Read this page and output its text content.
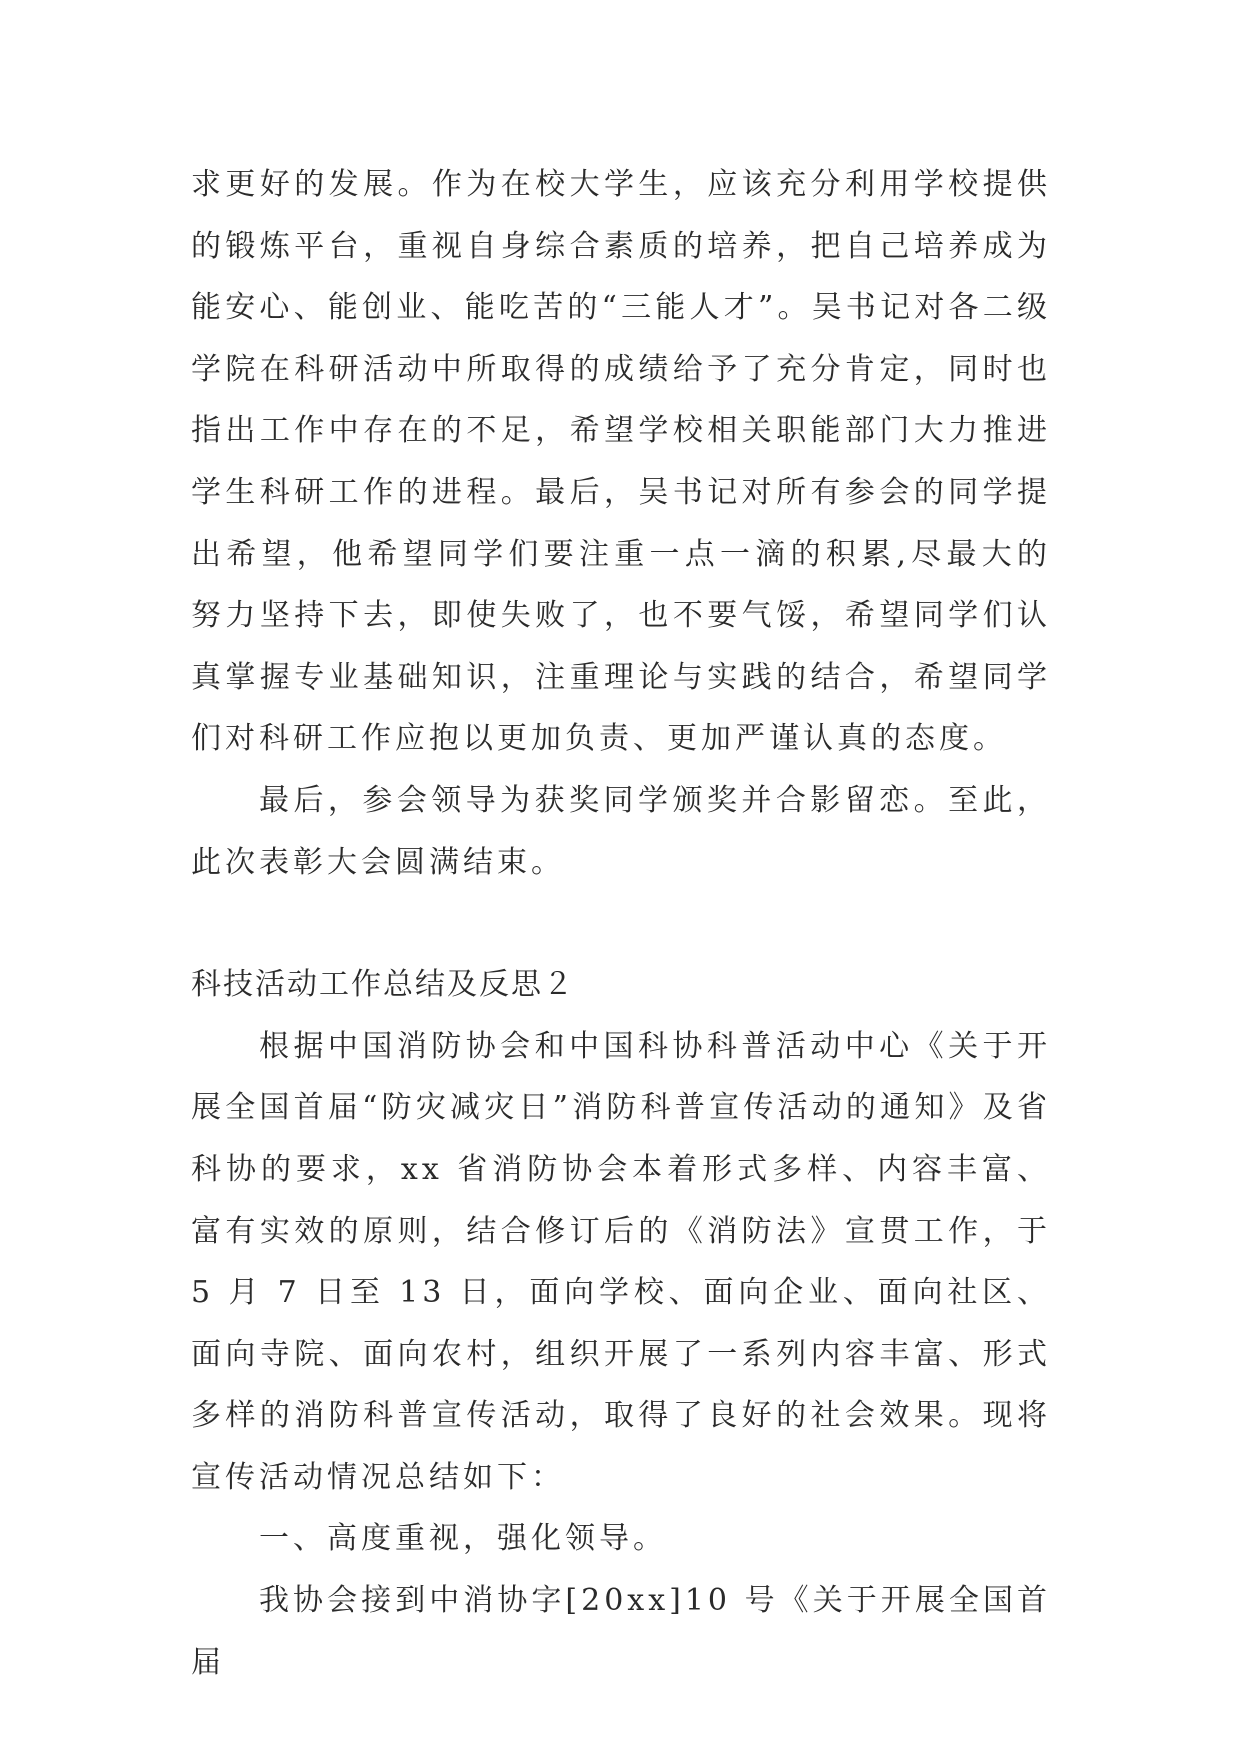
求更好的发展。作为在校大学生，应该充分利用学校提供的锻炼平台，重视自身综合素质的培养，把自己培养成为能安心、能创业、能吃苦的“三能人才”。吴书记对各二级学院在科研活动中所取得的成绩给予了充分肯定，同时也指出工作中存在的不足，希望学校相关职能部门大力推进学生科研工作的进程。最后，吴书记对所有参会的同学提出希望，他希望同学们要注重一点一滴的积累,尽最大的努力坚持下去，即使失败了，也不要气馁，希望同学们认真掌握专业基础知识，注重理论与实践的结合，希望同学们对科研工作应抱以更加负责、更加严谨认真的态度。

最后，参会领导为获奖同学颁奖并合影留恋。至此，此次表彰大会圆满结束。

科技活动工作总结及反思２

根据中国消防协会和中国科协科普活动中心《关于开展全国首届“防灾减灾日”消防科普宣传活动的通知》及省科协的要求，xx 省消防协会本着形式多样、内容丰富、富有实效的原则，结合修订后的《消防法》宣贯工作，于 5 月 7 日至 13 日，面向学校、面向企业、面向社区、面向寺院、面向农村，组织开展了一系列内容丰富、形式多样的消防科普宣传活动，取得了良好的社会效果。现将宣传活动情况总结如下：

一、高度重视，强化领导。

我协会接到中消协字[20xx]10 号《关于开展全国首届
